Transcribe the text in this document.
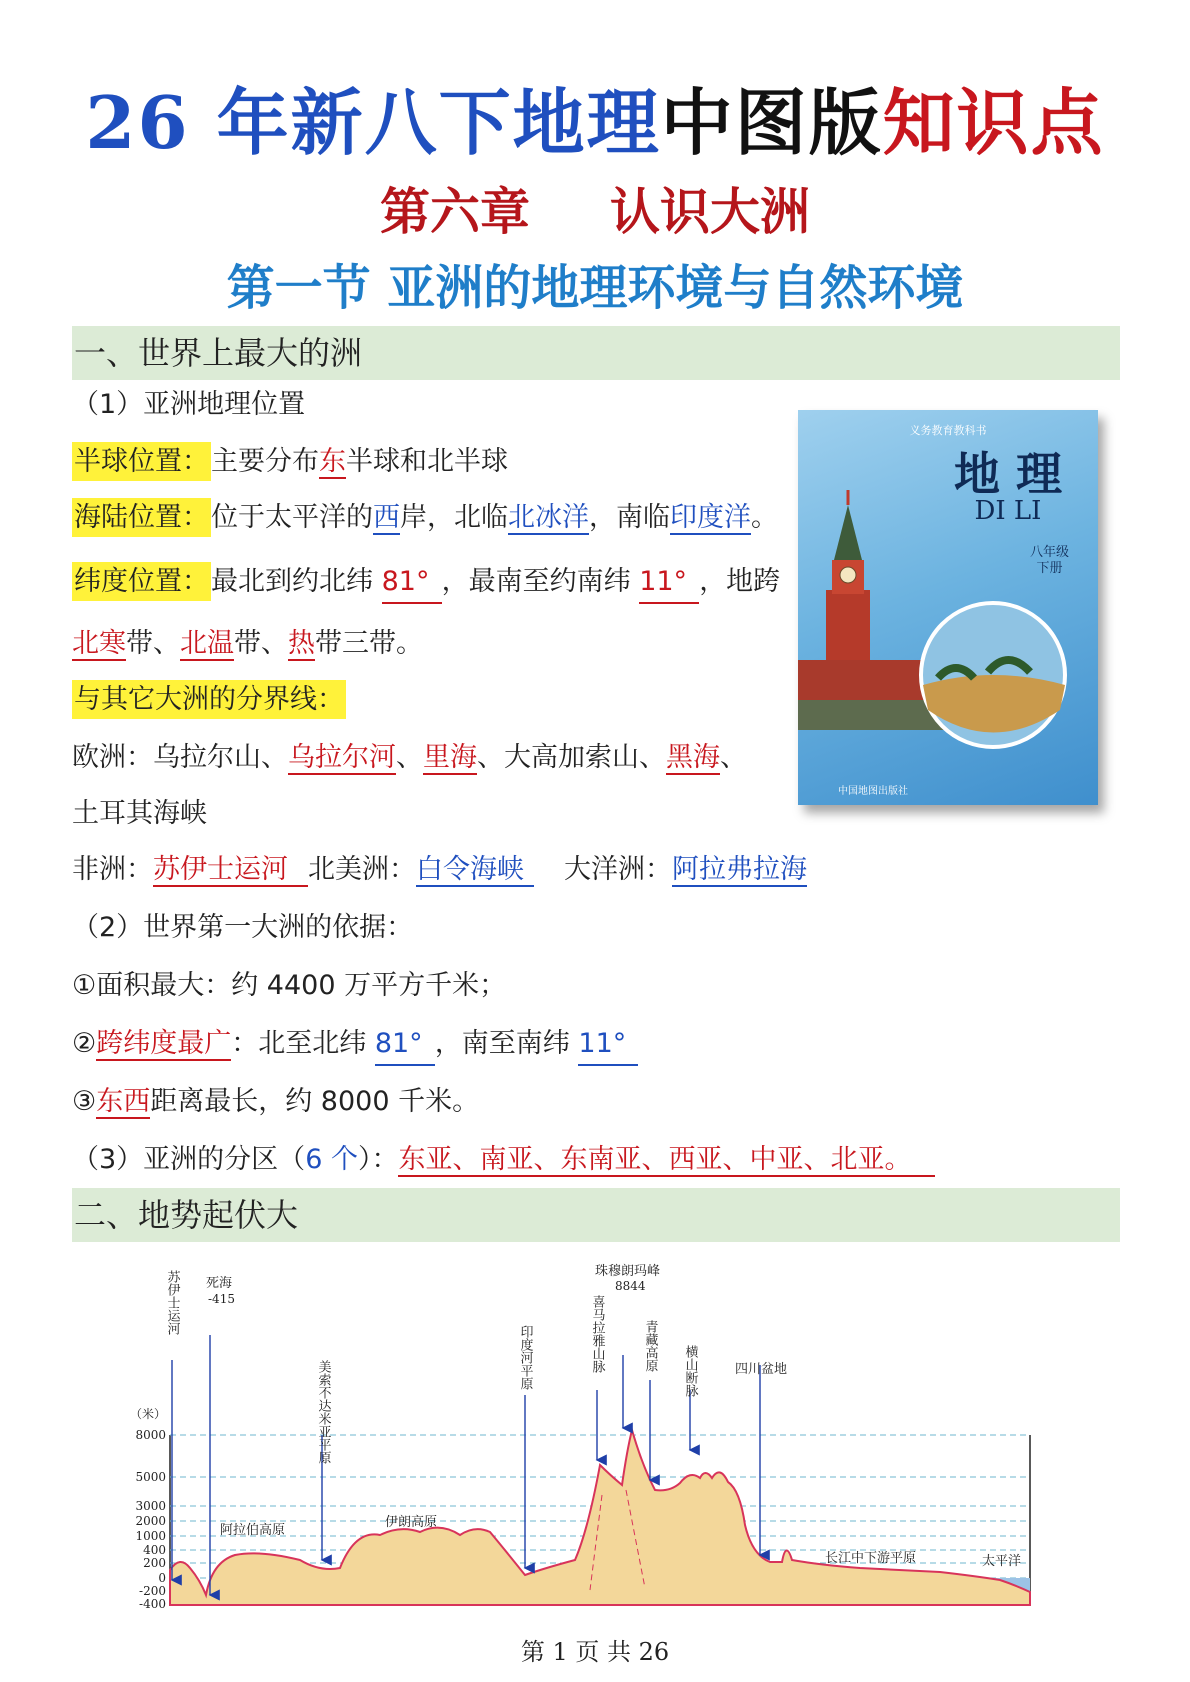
26 年新八下地理中图版知识点
第六章 认识大洲
第一节 亚洲的地理环境与自然环境
一、世界上最大的洲
（1）亚洲地理位置
半球位置：主要分布东半球和北半球
海陆位置：位于太平洋的西岸，北临北冰洋，南临印度洋。
纬度位置：最北到约北纬 81° ，最南至约南纬 11° ，地跨
北寒带、北温带、热带三带。
与其它大洲的分界线：
欧洲：乌拉尔山、乌拉尔河、里海、大高加索山、黑海、
土耳其海峡
非洲：苏伊士运河 北美洲：白令海峡 大洋洲：阿拉弗拉海
（2）世界第一大洲的依据：
①面积最大：约 4400 万平方千米；
②跨纬度最广：北至北纬 81° ，南至南纬 11°
③东西距离最长，约 8000 千米。
（3）亚洲的分区（6 个）：东亚、南亚、东南亚、西亚、中亚、北亚。
义务教育教科书
地 理
DI LI
八年级
下册
中国地图出版社
二、地势起伏大
（米）
8000
5000
3000
2000
1000
400
200
0
-200
-400
苏伊士运河 死海
-415
美索不达米亚平原
阿拉伯高原
伊朗高原
印度河平原
珠穆朗玛峰
8844
喜马拉雅山脉	青藏高原 横山断脉	四川盆地
长江中下游平原	太平洋
第 1 页 共 26
